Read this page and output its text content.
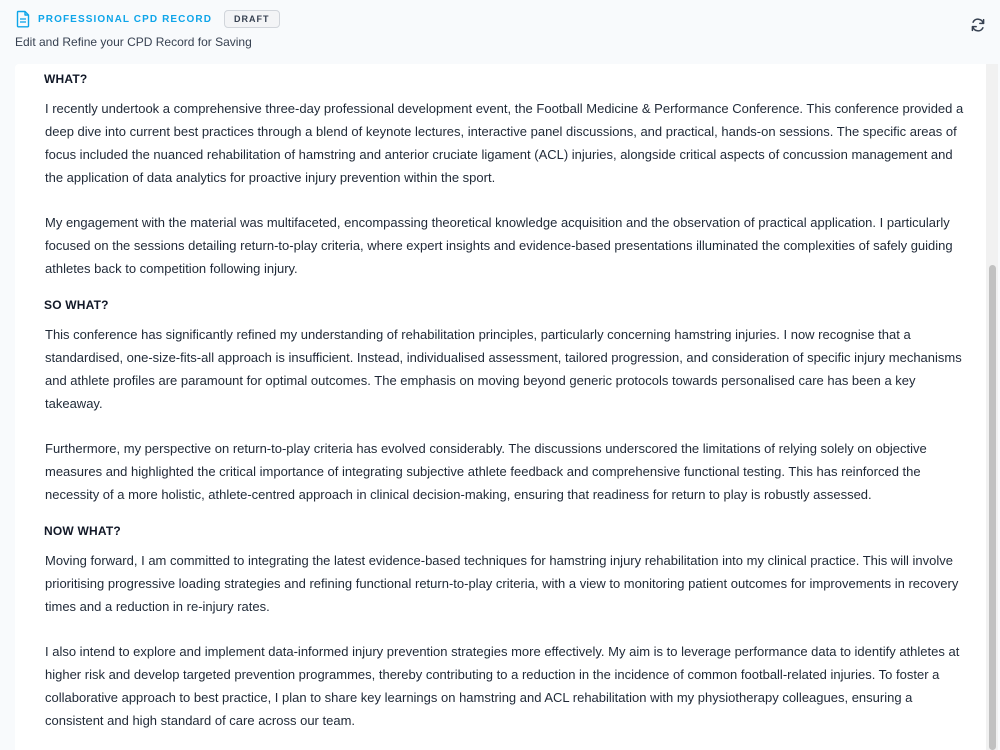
PROFESSIONAL CPD RECORD	DRAFT
Edit and Refine your CPD Record for Saving
WHAT?
I recently undertook a comprehensive three-day professional development event, the Football Medicine & Performance Conference. This conference provided a deep dive into current best practices through a blend of keynote lectures, interactive panel discussions, and practical, hands-on sessions. The specific areas of focus included the nuanced rehabilitation of hamstring and anterior cruciate ligament (ACL) injuries, alongside critical aspects of concussion management and the application of data analytics for proactive injury prevention within the sport.
My engagement with the material was multifaceted, encompassing theoretical knowledge acquisition and the observation of practical application. I particularly focused on the sessions detailing return-to-play criteria, where expert insights and evidence-based presentations illuminated the complexities of safely guiding athletes back to competition following injury.
SO WHAT?
This conference has significantly refined my understanding of rehabilitation principles, particularly concerning hamstring injuries. I now recognise that a standardised, one-size-fits-all approach is insufficient. Instead, individualised assessment, tailored progression, and consideration of specific injury mechanisms and athlete profiles are paramount for optimal outcomes. The emphasis on moving beyond generic protocols towards personalised care has been a key takeaway.
Furthermore, my perspective on return-to-play criteria has evolved considerably. The discussions underscored the limitations of relying solely on objective measures and highlighted the critical importance of integrating subjective athlete feedback and comprehensive functional testing. This has reinforced the necessity of a more holistic, athlete-centred approach in clinical decision-making, ensuring that readiness for return to play is robustly assessed.
NOW WHAT?
Moving forward, I am committed to integrating the latest evidence-based techniques for hamstring injury rehabilitation into my clinical practice. This will involve prioritising progressive loading strategies and refining functional return-to-play criteria, with a view to monitoring patient outcomes for improvements in recovery times and a reduction in re-injury rates.
I also intend to explore and implement data-informed injury prevention strategies more effectively. My aim is to leverage performance data to identify athletes at higher risk and develop targeted prevention programmes, thereby contributing to a reduction in the incidence of common football-related injuries. To foster a collaborative approach to best practice, I plan to share key learnings on hamstring and ACL rehabilitation with my physiotherapy colleagues, ensuring a consistent and high standard of care across our team.
